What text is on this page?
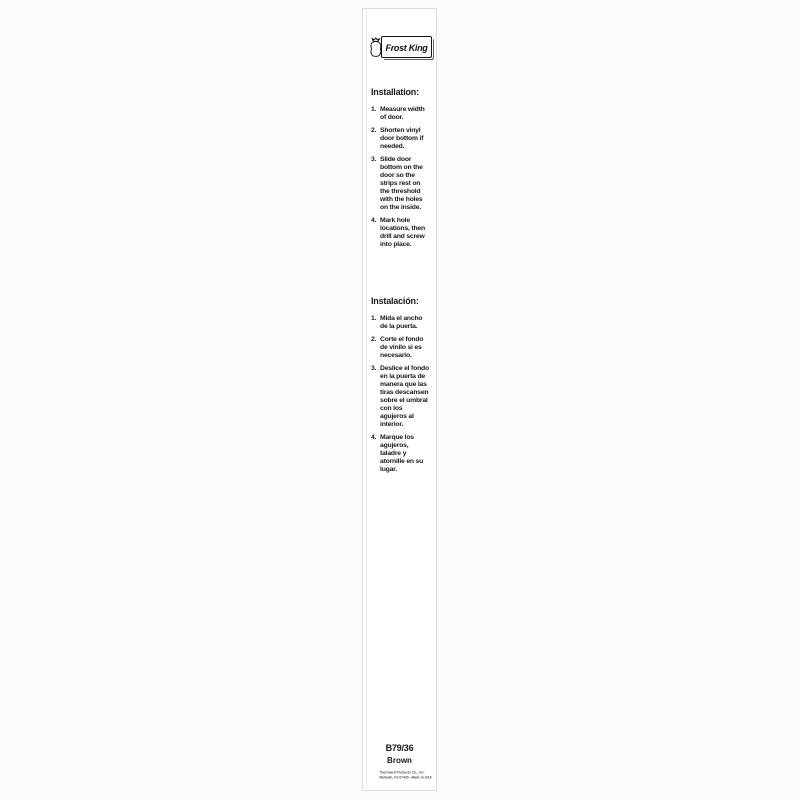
Frost King
Installation:
1. Measure width of door.
2. Shorten vinyl door bottom if needed.
3. Slide door bottom on the door so the strips rest on the threshold with the holes on the inside.
4. Mark hole locations, then drill and screw into place.
Instalación:
1. Mida el ancho de la puerta.
2. Corte el fondo de vinilo si es necesario.
3. Deslice el fondo en la puerta de manera que las tiras descansen sobre el umbral con los agujeros al interior.
4. Marque los agujeros, taladre y atornille en su lugar.
B79/36
Brown
Thermwell Products Co., Inc.
Mahwah, NJ 07430 • Made in USA
